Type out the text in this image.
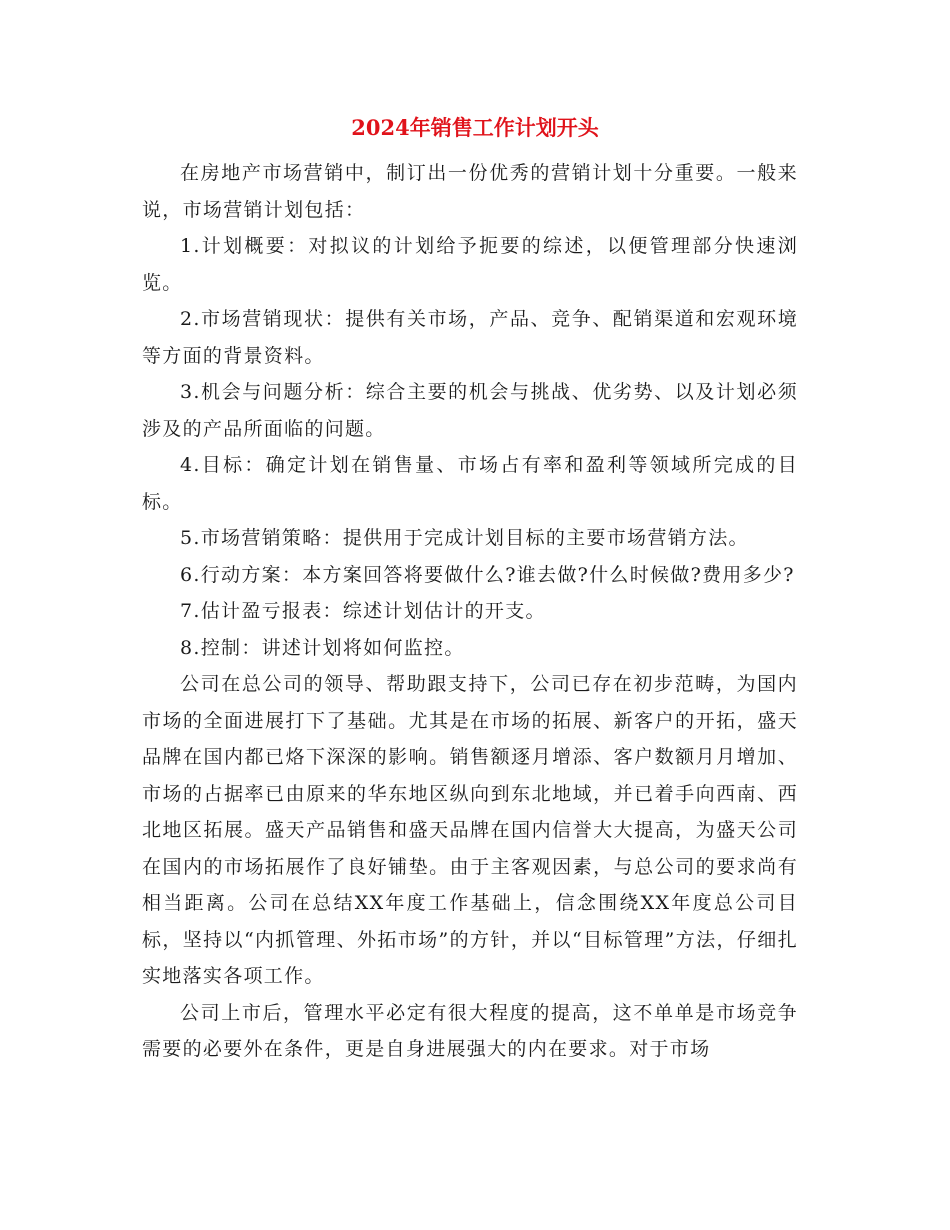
2024年销售工作计划开头

在房地产市场营销中，制订出一份优秀的营销计划十分重要。一般来说，市场营销计划包括：

1.计划概要：对拟议的计划给予扼要的综述，以便管理部分快速浏览。

2.市场营销现状：提供有关市场，产品、竞争、配销渠道和宏观环境等方面的背景资料。

3.机会与问题分析：综合主要的机会与挑战、优劣势、以及计划必须涉及的产品所面临的问题。

4.目标：确定计划在销售量、市场占有率和盈利等领域所完成的目标。

5.市场营销策略：提供用于完成计划目标的主要市场营销方法。

6.行动方案：本方案回答将要做什么?谁去做?什么时候做?费用多少?

7.估计盈亏报表：综述计划估计的开支。

8.控制：讲述计划将如何监控。

公司在总公司的领导、帮助跟支持下，公司已存在初步范畴，为国内市场的全面进展打下了基础。尤其是在市场的拓展、新客户的开拓，盛天品牌在国内都已烙下深深的影响。销售额逐月增添、客户数额月月增加、市场的占据率已由原来的华东地区纵向到东北地域，并已着手向西南、西北地区拓展。盛天产品销售和盛天品牌在国内信誉大大提高，为盛天公司在国内的市场拓展作了良好铺垫。由于主客观因素，与总公司的要求尚有相当距离。公司在总结XX年度工作基础上，信念围绕XX年度总公司目标，坚持以“内抓管理、外拓市场”的方针，并以“目标管理”方法，仔细扎实地落实各项工作。

公司上市后，管理水平必定有很大程度的提高，这不单单是市场竞争需要的必要外在条件，更是自身进展强大的内在要求。对于市场
